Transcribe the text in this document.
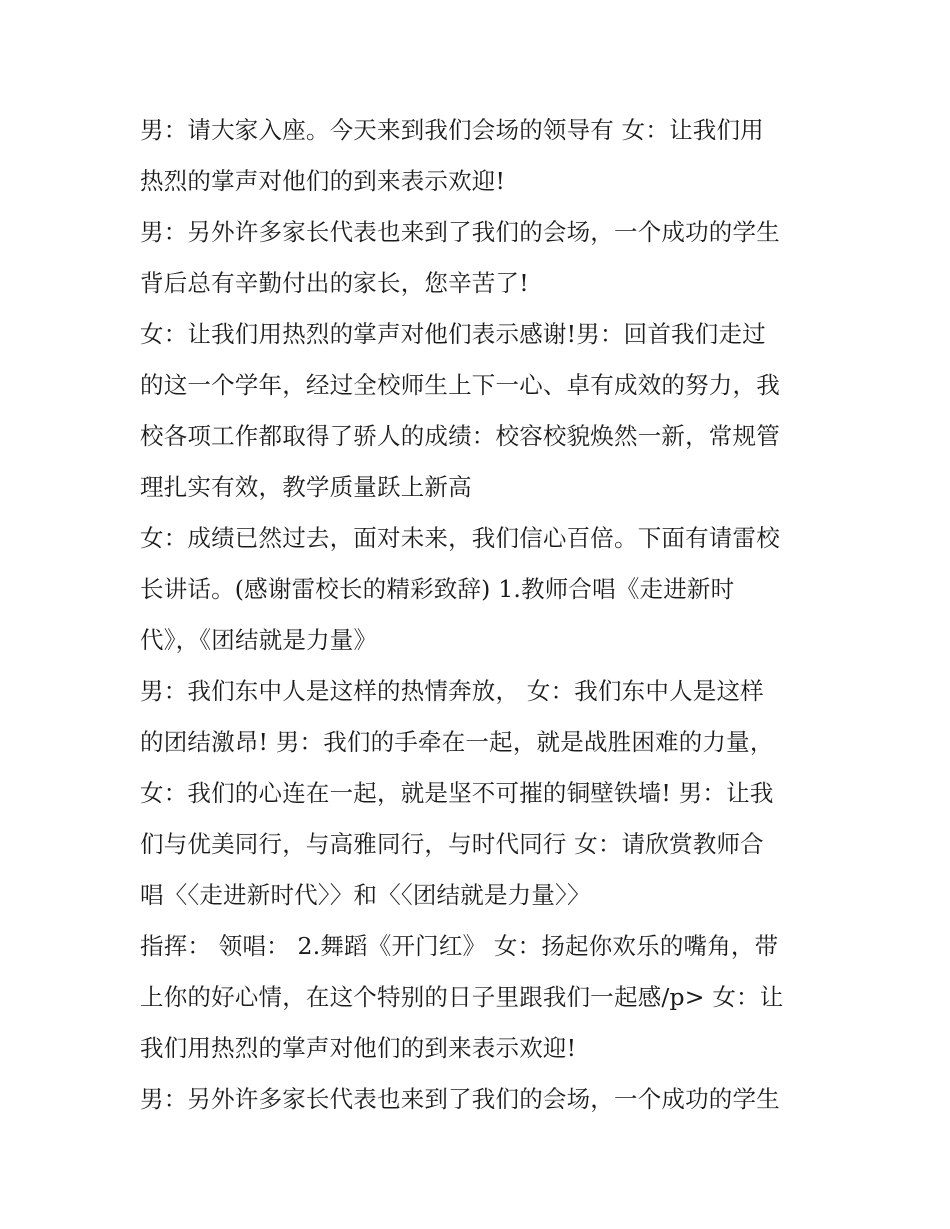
男：请大家入座。今天来到我们会场的领导有 女：让我们用
热烈的掌声对他们的到来表示欢迎!
男：另外许多家长代表也来到了我们的会场，一个成功的学生
背后总有辛勤付出的家长，您辛苦了!
女：让我们用热烈的掌声对他们表示感谢!男：回首我们走过
的这一个学年，经过全校师生上下一心、卓有成效的努力，我
校各项工作都取得了骄人的成绩：校容校貌焕然一新，常规管
理扎实有效，教学质量跃上新高
女：成绩已然过去，面对未来，我们信心百倍。下面有请雷校
长讲话。(感谢雷校长的精彩致辞) 1.教师合唱《走进新时
代》，《团结就是力量》
男：我们东中人是这样的热情奔放， 女：我们东中人是这样
的团结激昂! 男：我们的手牵在一起，就是战胜困难的力量，
女：我们的心连在一起，就是坚不可摧的铜壁铁墙! 男：让我
们与优美同行，与高雅同行，与时代同行 女：请欣赏教师合
唱〈〈走进新时代〉〉和〈〈团结就是力量〉〉
指挥： 领唱： 2.舞蹈《开门红》 女：扬起你欢乐的嘴角，带
上你的好心情，在这个特别的日子里跟我们一起感/p> 女：让
我们用热烈的掌声对他们的到来表示欢迎!
男：另外许多家长代表也来到了我们的会场，一个成功的学生
